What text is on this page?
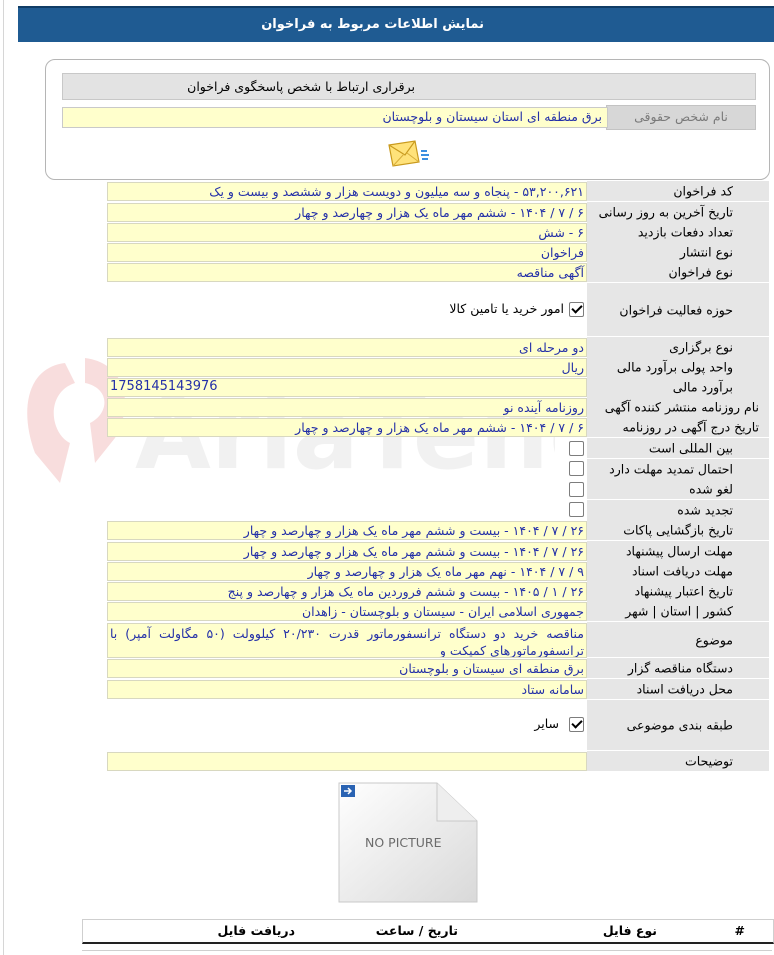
نمایش اطلاعات مربوط به فراخوان
برقراری ارتباط با شخص پاسخگوی فراخوان
نام شخص حقوقی
برق منطقه ای استان سیستان و بلوچستان
کد فراخوان
۵۳,۲۰۰,۶۲۱ - پنجاه و سه میلیون و دویست هزار و ششصد و بیست و یک
تاریخ آخرین به روز رسانی
۶ / ۷ / ۱۴۰۴ - ششم مهر ماه یک هزار و چهارصد و چهار
تعداد دفعات بازدید
۶ - شش
نوع انتشار
فراخوان
نوع فراخوان
آگهی مناقصه
حوزه فعالیت فراخوان
امور خرید یا تامین کالا
نوع برگزاری
دو مرحله ای
واحد پولی برآورد مالی
ریال
برآورد مالی
1758145143976
نام روزنامه منتشر کننده آگهی
روزنامه آینده نو
تاریخ درج آگهی در روزنامه
۶ / ۷ / ۱۴۰۴ - ششم مهر ماه یک هزار و چهارصد و چهار
بین المللی است
احتمال تمدید مهلت دارد
لغو شده
تجدید شده
تاریخ بازگشایی پاکات
۲۶ / ۷ / ۱۴۰۴ - بیست و ششم مهر ماه یک هزار و چهارصد و چهار
مهلت ارسال پیشنهاد
۲۶ / ۷ / ۱۴۰۴ - بیست و ششم مهر ماه یک هزار و چهارصد و چهار
مهلت دریافت اسناد
۹ / ۷ / ۱۴۰۴ - نهم مهر ماه یک هزار و چهارصد و چهار
تاریخ اعتبار پیشنهاد
۲۶ / ۱ / ۱۴۰۵ - بیست و ششم فروردین ماه یک هزار و چهارصد و پنج
کشور | استان | شهر
جمهوری اسلامی ایران - سیستان و بلوچستان - زاهدان
موضوع
مناقصه خرید دو دستگاه ترانسفورماتور قدرت ۲۰/۲۳۰ کیلوولت (۵۰ مگاولت آمپر) با ترانسفورماتورهای کمپکت و
دستگاه مناقصه گزار
برق منطقه ای سیستان و بلوچستان
محل دریافت اسناد
سامانه ستاد
طبقه بندی موضوعی
سایر
توضیحات
NO PICTURE
#
نوع فایل
تاریخ / ساعت
دریافت فایل
